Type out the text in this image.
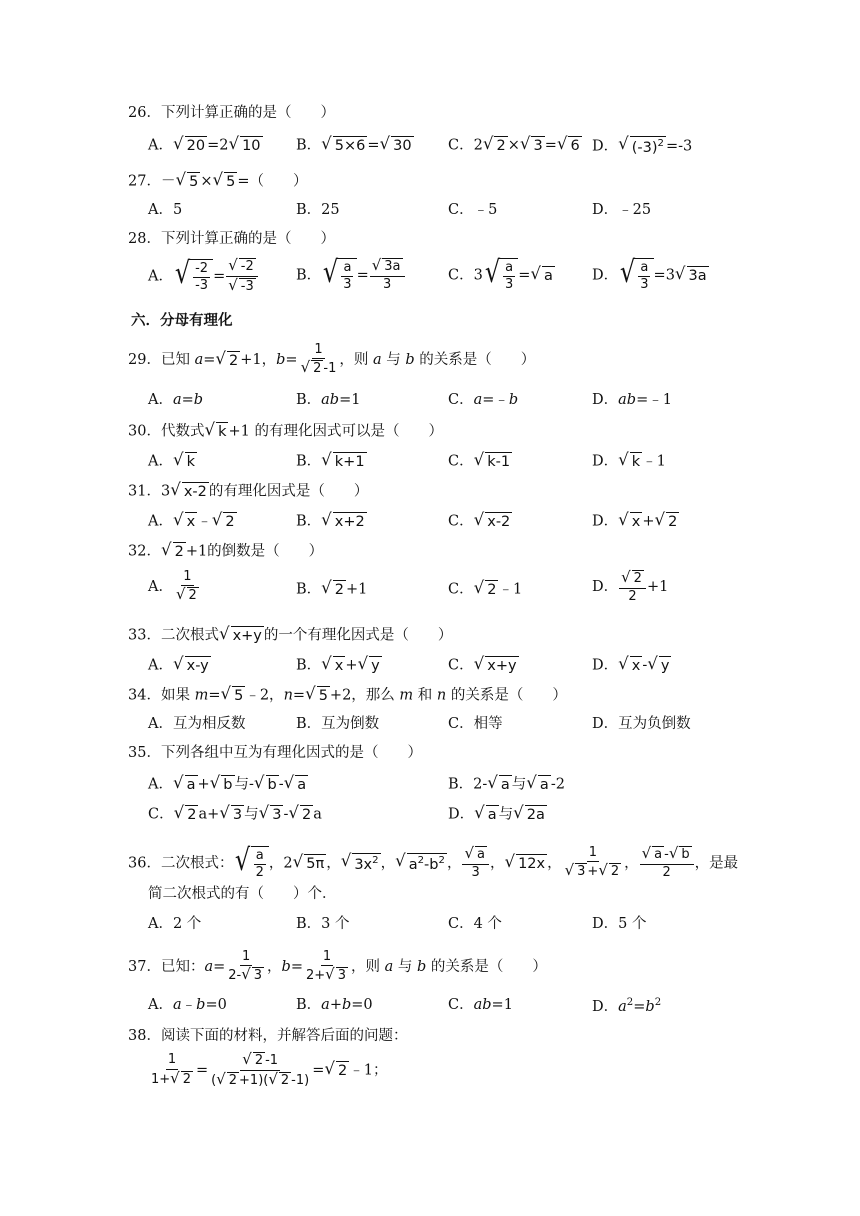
26．下列计算正确的是（　　）
A． √ 20 =2 √ 10 B． √ 5×6 = √ 30	C．2 √ 2 × √ 3 = √ 6 D． √ $(-3)^2 =-3$
27．－ √ 5 × √ 5 =（　　）
A．5	B．25	C．﹣5	D．﹣25
28．下列计算正确的是（　　）
A． √ $\frac{-2}{-3} = \frac{√ -2}{√ -3}$	B． √ $\frac{a}{3} = \frac{√ 3a}{3}$	C．3 √ $\frac{a}{3}$ = √ a	D． √ $\frac{a}{3} =3$ √ 3a
六．分母有理化
29．已知 a= √ 2 +1，$b= \frac{1}{√ 2 -1}$ ，则 a 与 b 的关系是（　　）
A．a=b	B．ab=1	C．a=﹣b	D．ab=﹣1
30．代数式 √ k +1 的有理化因式可以是（　　）
A． √ k	B． √ k+1	C． √ k-1	D． √ k ﹣1
31．3 √ x-2 的有理化因式是（　　）
A． √ x ﹣ √ 2	B． √ x+2	C． √ x-2	D． √ x + √ 2
32． √ 2 +1的倒数是（　　）
A． $\frac{1}{√ 2}$	B． √ 2 +1	C． √ 2 ﹣1	D． $\frac{√ 2}{2} +1$
33．二次根式 √ x+y 的一个有理化因式是（　　）
A． √ x-y	B． √ x + √ y	C． √ x+y	D． √ x - √ y
34．如果 m= √ 5 ﹣2，n= √ 5 +2，那么 m 和 n 的关系是（　　）
A．互为相反数	B．互为倒数	C．相等	D．互为负倒数
35．下列各组中互为有理化因式的是（　　）
A． √ a + √ b 与- √ b - √ a	B．2- √ a 与 √ a -2
C． √ 2 a+ √ 3 与 √ 3 - √ 2 a	D． √ a 与 √ 2a
36．二次根式： √ $\frac{a}{2}$ ，2 √ 5π ， √ $3x^2$ ， √ $a^2-b^2$ ， $\frac{√ a}{3}$ ， √ 12x ， $\frac{1}{√ 3 + √ 2}$ ， $\frac{√ a - √ b}{2}$ ，是最
简二次根式的有（　　）个．
A．2 个	B．3 个	C．4 个	D．5 个
37．已知：$a= \frac{1}{2- √ 3}$ ，$b= \frac{1}{2+ √ 3}$ ，则 a 与 b 的关系是（　　）
A．a﹣b=0	B．a+b=0	C．ab=1	D．$a^2=b^2$
38．阅读下面的材料，并解答后面的问题：
$\frac{1}{1+ √ 2} = \frac{√ 2 -1}{( √ 2 +1)( √ 2 -1)}$ = √ 2 ﹣1；
